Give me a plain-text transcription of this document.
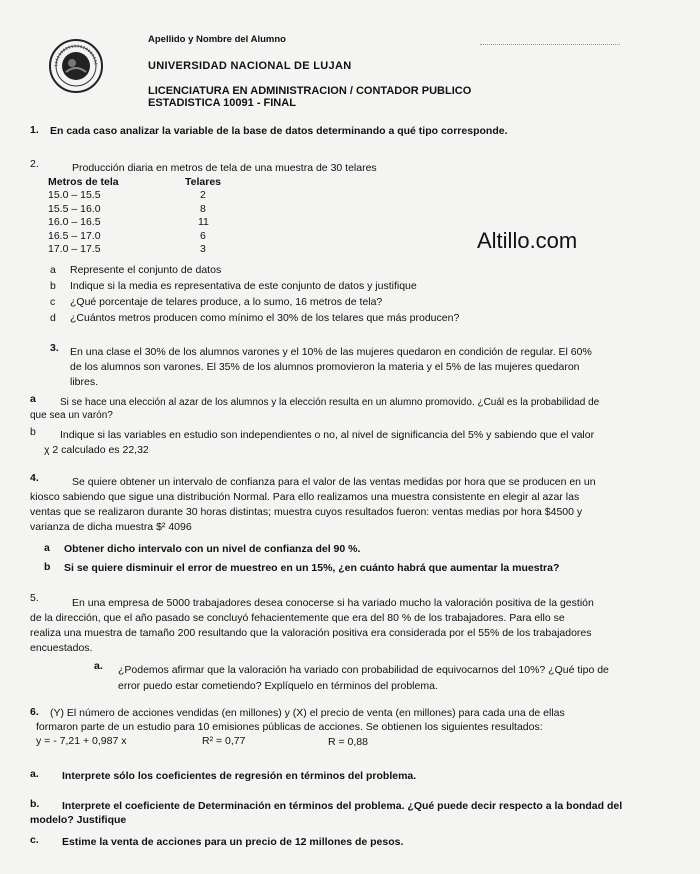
Apellido y Nombre del Alumno
UNIVERSIDAD NACIONAL DE LUJAN
LICENCIATURA EN ADMINISTRACION / CONTADOR PUBLICO
ESTADISTICA 10091 - FINAL
Altillo.com
1. En cada caso analizar la variable de la base de datos determinando a qué tipo corresponde.
2.	Producción diaria en metros de tela de una muestra de 30 telares
Metros de tela	Telares
15.0 – 15.5	2
15.5 – 16.0	8
16.0 – 16.5	11
16.5 – 17.0	6
17.0 – 17.5	3
a Represente el conjunto de datos
b Indique si la media es representativa de este conjunto de datos y justifique
c ¿Qué porcentaje de telares produce, a lo sumo, 16 metros de tela?
d ¿Cuántos metros producen como mínimo el 30% de los telares que más producen?
3. En una clase el 30% de los alumnos varones y el 10% de las mujeres quedaron en condición de regular. El 60%
de los alumnos son varones. El 35% de los alumnos promovieron la materia y el 5% de las mujeres quedaron
libres.
a Si se hace una elección al azar de los alumnos y la elección resulta en un alumno promovido. ¿Cuál es la probabilidad de
que sea un varón?
b Indique si las variables en estudio son independientes o no, al nivel de significancia del 5% y sabiendo que el valor
χ 2 calculado es 22,32
4.	Se quiere obtener un intervalo de confianza para el valor de las ventas medidas por hora que se producen en un
kiosco sabiendo que sigue una distribución Normal. Para ello realizamos una muestra consistente en elegir al azar las
ventas que se realizaron durante 30 horas distintas; muestra cuyos resultados fueron: ventas medias por hora $4500 y
varianza de dicha muestra $² 4096
a Obtener dicho intervalo con un nivel de confianza del 90 %.
b Si se quiere disminuir el error de muestreo en un 15%, ¿en cuánto habrá que aumentar la muestra?
5.	En una empresa de 5000 trabajadores desea conocerse si ha variado mucho la valoración positiva de la gestión
de la dirección, que el año pasado se concluyó fehacientemente que era del 80 % de los trabajadores. Para ello se
realiza una muestra de tamaño 200 resultando que la valoración positiva era considerada por el 55% de los trabajadores
encuestados.
a. ¿Podemos afirmar que la valoración ha variado con probabilidad de equivocarnos del 10%? ¿Qué tipo de
error puedo estar cometiendo? Explíquelo en términos del problema.
6. (Y) El número de acciones vendidas (en millones) y (X) el precio de venta (en millones) para cada una de ellas
formaron parte de un estudio para 10 emisiones públicas de acciones. Se obtienen los siguientes resultados:
y = - 7,21 + 0,987 x	R² = 0,77	R = 0,88
a. Interprete sólo los coeficientes de regresión en términos del problema.
b. Interprete el coeficiente de Determinación en términos del problema. ¿Qué puede decir respecto a la bondad del
modelo? Justifique
c. Estime la venta de acciones para un precio de 12 millones de pesos.
